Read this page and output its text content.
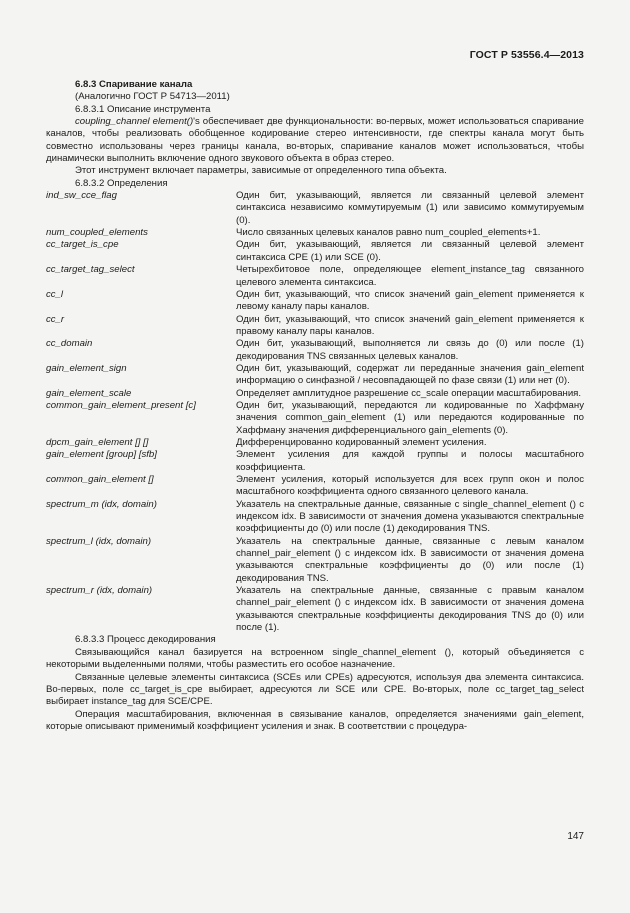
ГОСТ Р 53556.4—2013
6.8.3 Спаривание канала
(Аналогично ГОСТ Р 54713—2011)
6.8.3.1 Описание инструмента
coupling_channel element()'s обеспечивает две функциональности: во-первых, может использоваться спаривание каналов, чтобы реализовать обобщенное кодирование стерео интенсивности, где спектры канала могут быть совместно использованы через границы канала, во-вторых, спаривание каналов может использоваться, чтобы динамически выполнить включение одного звукового объекта в образ стерео.
Этот инструмент включает параметры, зависимые от определенного типа объекта.
6.8.3.2 Определения
ind_sw_cce_flag	Один бит, указывающий, является ли связанный целевой элемент синтаксиса независимо коммутируемым (1) или зависимо коммутируемым (0).
num_coupled_elements	Число связанных целевых каналов равно num_coupled_elements+1.
cc_target_is_cpe	Один бит, указывающий, является ли связанный целевой элемент синтаксиса CPE (1) или SCE (0).
cc_target_tag_select	Четырехбитовое поле, определяющее element_instance_tag связанного целевого элемента синтаксиса.
cc_l	Один бит, указывающий, что список значений gain_element применяется к левому каналу пары каналов.
cc_r	Один бит, указывающий, что список значений gain_element применяется к правому каналу пары каналов.
cc_domain	Один бит, указывающий, выполняется ли связь до (0) или после (1) декодирования TNS связанных целевых каналов.
gain_element_sign	Один бит, указывающий, содержат ли переданные значения gain_element информацию о синфазной / несовпадающей по фазе связи (1) или нет (0).
gain_element_scale	Определяет амплитудное разрешение cc_scale операции масштабирования.
common_gain_element_present [c]	Один бит, указывающий, передаются ли кодированные по Хаффману значения common_gain_element (1) или передаются кодированные по Хаффману значения дифференциального gain_elements (0).
dpcm_gain_element [] []	Дифференцированно кодированный элемент усиления.
gain_element [group] [sfb]	Элемент усиления для каждой группы и полосы масштабного коэффициента.
common_gain_element []	Элемент усиления, который используется для всех групп окон и полос масштабного коэффициента одного связанного целевого канала.
spectrum_m (idx, domain)	Указатель на спектральные данные, связанные с single_channel_element () с индексом idx. В зависимости от значения домена указываются спектральные коэффициенты до (0) или после (1) декодирования TNS.
spectrum_l (idx, domain)	Указатель на спектральные данные, связанные с левым каналом channel_pair_element () с индексом idx. В зависимости от значения домена указываются спектральные коэффициенты до (0) или после (1) декодирования TNS.
spectrum_r (idx, domain)	Указатель на спектральные данные, связанные с правым каналом channel_pair_element () с индексом idx. В зависимости от значения домена указываются спектральные коэффициенты декодирования TNS до (0) или после (1).
6.8.3.3 Процесс декодирования
Связывающийся канал базируется на встроенном single_channel_element (), который объединяется с некоторыми выделенными полями, чтобы разместить его особое назначение.
Связанные целевые элементы синтаксиса (SCEs или CPEs) адресуются, используя два элемента синтаксиса. Во-первых, поле cc_target_is_cpe выбирает, адресуются ли SCE или CPE. Во-вторых, поле cc_target_tag_select выбирает instance_tag для SCE/CPE.
Операция масштабирования, включенная в связывание каналов, определяется значениями gain_element, которые описывают применимый коэффициент усиления и знак. В соответствии с процедура-
147
